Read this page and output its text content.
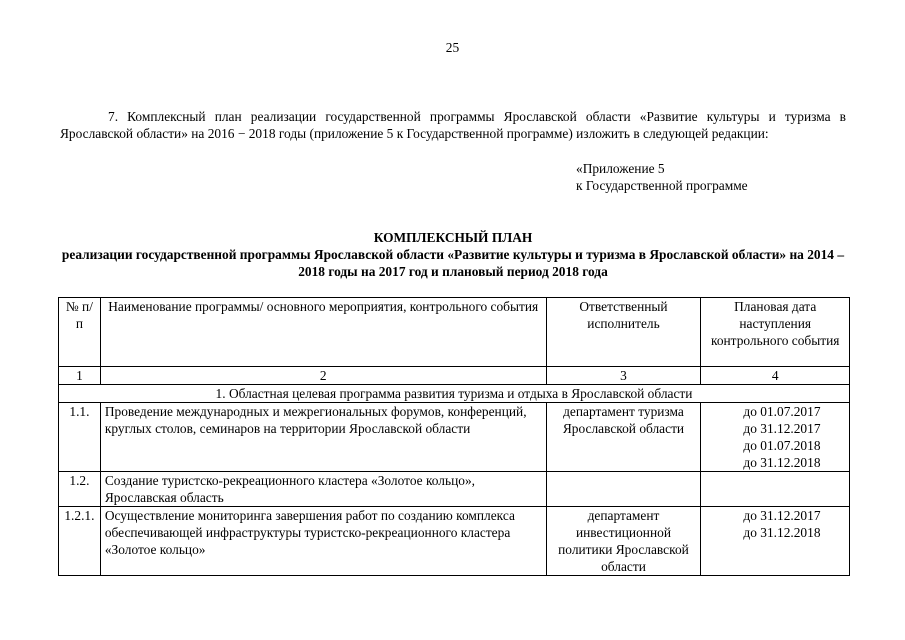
25

7. Комплексный план реализации государственной программы Ярославской области «Развитие культуры и туризма в Ярославской области» на 2016 − 2018 годы (приложение 5 к Государственной программе) изложить в следующей редакции:

«Приложение 5
к Государственной программе
КОМПЛЕКСНЫЙ ПЛАН
реализации государственной программы Ярославской области «Развитие культуры и туризма в Ярославской области» на 2014 – 2018 годы на 2017 год и плановый период 2018 года
№ п/п	Наименование программы/ основного мероприятия, контрольного события	Ответственный исполнитель	Плановая дата наступления контрольного события
1	2	3	4
1. Областная целевая программа развития туризма и отдыха в Ярославской области			
1.1.	Проведение международных и межрегиональных форумов, конференций, круглых столов, семинаров на территории Ярославской области	департамент туризма Ярославской области	до 01.07.2017
до 31.12.2017
до 01.07.2018
до 31.12.2018

1.2.	Создание туристско-рекреационного кластера «Золотое кольцо», Ярославская область		
1.2.1.	Осуществление мониторинга завершения работ по созданию комплекса обеспечивающей инфраструктуры туристско-рекреационного кластера «Золотое кольцо»	департамент инвестиционной политики Ярославской области	до 31.12.2017
до 31.12.2018
